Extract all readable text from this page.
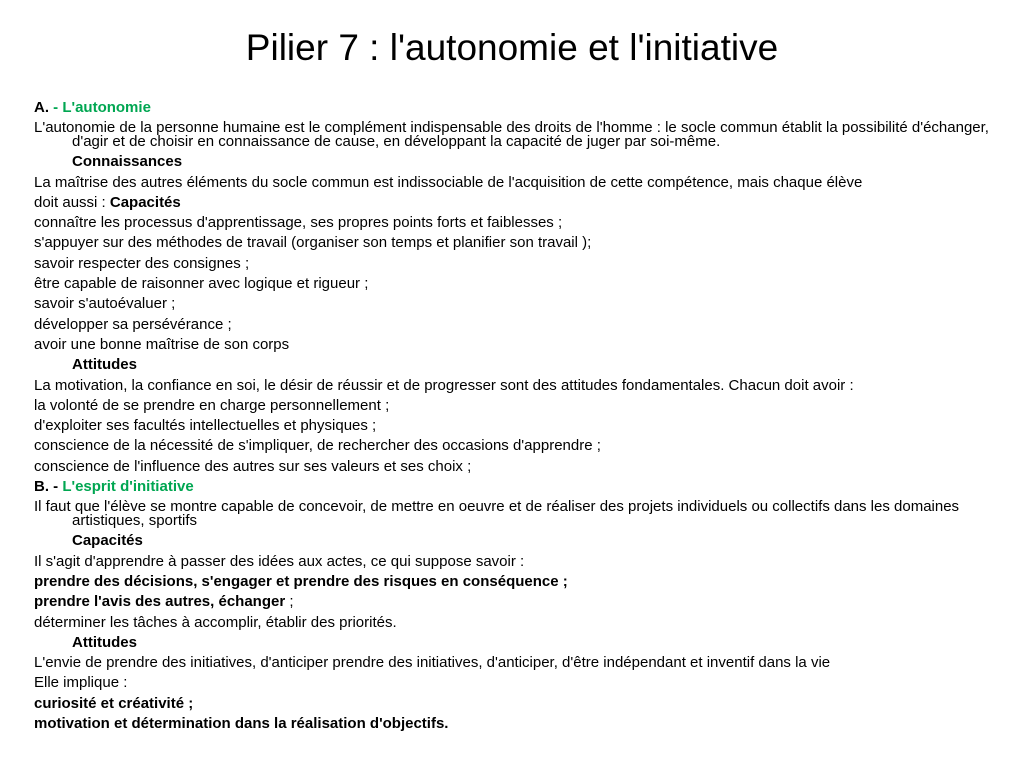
Pilier 7 : l'autonomie et l'initiative

A. - L'autonomie

L'autonomie de la personne humaine est le complément indispensable des droits de l'homme : le socle commun établit la possibilité d'échanger, d'agir et de choisir en connaissance de cause, en développant la capacité de juger par soi-même.

Connaissances

La maîtrise des autres éléments du socle commun est indissociable de l'acquisition de cette compétence, mais chaque élève

doit aussi : Capacités

connaître les processus d'apprentissage, ses propres points forts et faiblesses ;

s'appuyer sur des méthodes de travail (organiser son temps et planifier son travail );

savoir respecter des consignes ;

être capable de raisonner avec logique et rigueur ;

savoir s'autoévaluer ;

développer sa persévérance ;

avoir une bonne maîtrise de son corps

Attitudes

La motivation, la confiance en soi, le désir de réussir et de progresser sont des attitudes fondamentales. Chacun doit avoir :

la volonté de se prendre en charge personnellement ;

d'exploiter ses facultés intellectuelles et physiques ;

conscience de la nécessité de s'impliquer, de rechercher des occasions d'apprendre ;

conscience de l'influence des autres sur ses valeurs et ses choix ;

B. - L'esprit d'initiative

Il faut que l'élève se montre capable de concevoir, de mettre en oeuvre et de réaliser des projets individuels ou collectifs dans les domaines artistiques, sportifs

Capacités

Il s'agit d'apprendre à passer des idées aux actes, ce qui suppose savoir :

prendre des décisions, s'engager et prendre des risques en conséquence ;

prendre l'avis des autres, échanger ;

déterminer les tâches à accomplir, établir des priorités.

Attitudes

L'envie de prendre des initiatives, d'anticiper prendre des initiatives, d'anticiper, d'être indépendant et inventif dans la vie

Elle implique :

curiosité et créativité ;

motivation et détermination dans la réalisation d'objectifs.
